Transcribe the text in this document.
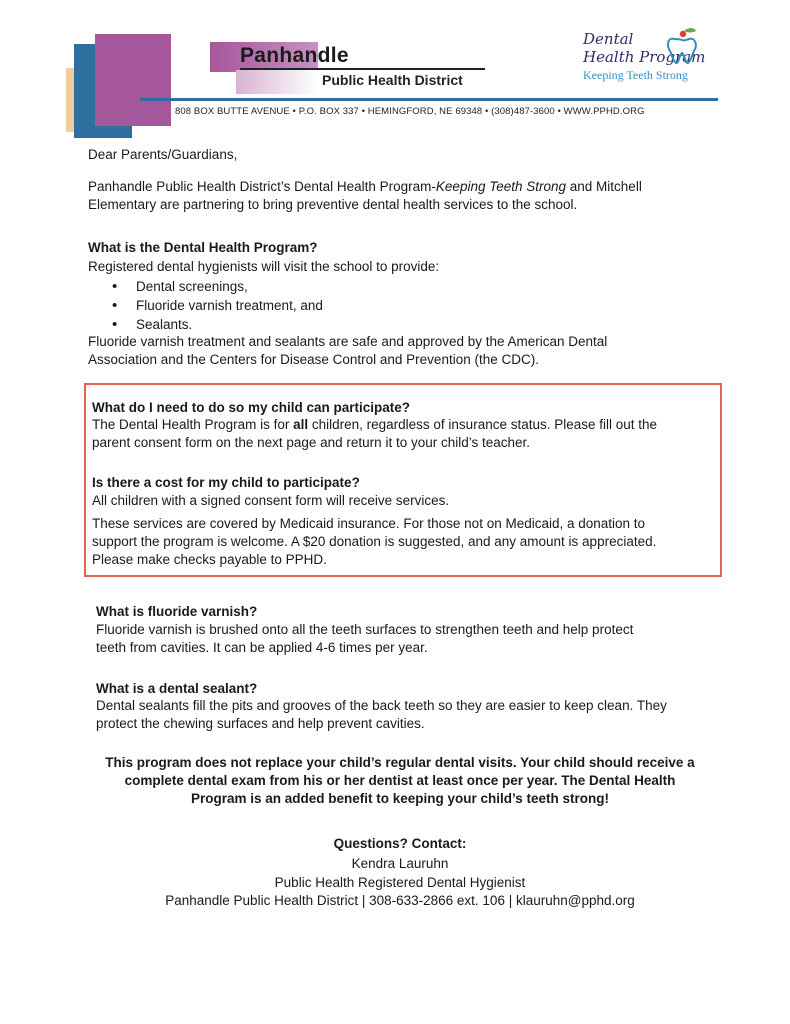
Panhandle
Public Health District
Dental
Health Program
Keeping Teeth Strong
808 BOX BUTTE AVENUE • P.O. BOX 337 • HEMINGFORD, NE 69348 • (308)487-3600 • WWW.PPHD.ORG
Dear Parents/Guardians,
Panhandle Public Health District’s Dental Health Program-Keeping Teeth Strong and Mitchell
Elementary are partnering to bring preventive dental health services to the school.
What is the Dental Health Program?
Registered dental hygienists will visit the school to provide:
• Dental screenings,
• Fluoride varnish treatment, and
• Sealants.
Fluoride varnish treatment and sealants are safe and approved by the American Dental
Association and the Centers for Disease Control and Prevention (the CDC).
What do I need to do so my child can participate?
The Dental Health Program is for all children, regardless of insurance status. Please fill out the
parent consent form on the next page and return it to your child’s teacher.
Is there a cost for my child to participate?
All children with a signed consent form will receive services.
These services are covered by Medicaid insurance. For those not on Medicaid, a donation to
support the program is welcome. A $20 donation is suggested, and any amount is appreciated.
Please make checks payable to PPHD.
What is fluoride varnish?
Fluoride varnish is brushed onto all the teeth surfaces to strengthen teeth and help protect
teeth from cavities. It can be applied 4-6 times per year.
What is a dental sealant?
Dental sealants fill the pits and grooves of the back teeth so they are easier to keep clean. They
protect the chewing surfaces and help prevent cavities.
This program does not replace your child’s regular dental visits. Your child should receive a
complete dental exam from his or her dentist at least once per year. The Dental Health
Program is an added benefit to keeping your child’s teeth strong!
Questions? Contact:
Kendra Lauruhn
Public Health Registered Dental Hygienist
Panhandle Public Health District | 308-633-2866 ext. 106 | klauruhn@pphd.org
